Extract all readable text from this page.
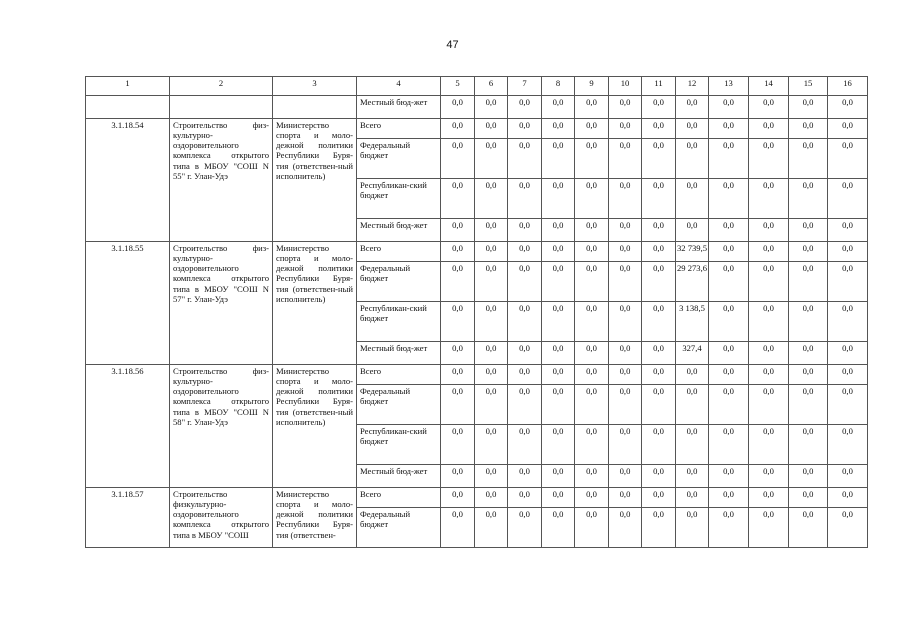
47
1	2	3	4	5	6	7	8	9	10	11	12	13	14	15	16
			Местный бюд-жет	0,0	0,0	0,0	0,0	0,0	0,0	0,0	0,0	0,0	0,0	0,0	0,0
3.1.18.54	Строительство физ-культурно-оздоровительного комплекса открытого типа в МБОУ "СОШ N 55" г. Улан-Удэ	Министерство спорта и моло-дежной политики Республики Буря-тия (ответствен-ный исполнитель)	Всего	0,0	0,0	0,0	0,0	0,0	0,0	0,0	0,0	0,0	0,0	0,0	0,0
			Федеральный бюджет	0,0	0,0	0,0	0,0	0,0	0,0	0,0	0,0	0,0	0,0	0,0	0,0
			Республикан-ский бюджет	0,0	0,0	0,0	0,0	0,0	0,0	0,0	0,0	0,0	0,0	0,0	0,0
			Местный бюд-жет	0,0	0,0	0,0	0,0	0,0	0,0	0,0	0,0	0,0	0,0	0,0	0,0
3.1.18.55	Строительство физ-культурно-оздоровительного комплекса открытого типа в МБОУ "СОШ N 57" г. Улан-Удэ	Министерство спорта и моло-дежной политики Республики Буря-тия (ответствен-ный исполнитель)	Всего	0,0	0,0	0,0	0,0	0,0	0,0	0,0	32 739,5	0,0	0,0	0,0	0,0
			Федеральный бюджет	0,0	0,0	0,0	0,0	0,0	0,0	0,0	29 273,6	0,0	0,0	0,0	0,0
			Республикан-ский бюджет	0,0	0,0	0,0	0,0	0,0	0,0	0,0	3 138,5	0,0	0,0	0,0	0,0
			Местный бюд-жет	0,0	0,0	0,0	0,0	0,0	0,0	0,0	327,4	0,0	0,0	0,0	0,0
3.1.18.56	Строительство физ-культурно-оздоровительного комплекса открытого типа в МБОУ "СОШ N 58" г. Улан-Удэ	Министерство спорта и моло-дежной политики Республики Буря-тия (ответствен-ный исполнитель)	Всего	0,0	0,0	0,0	0,0	0,0	0,0	0,0	0,0	0,0	0,0	0,0	0,0
			Федеральный бюджет	0,0	0,0	0,0	0,0	0,0	0,0	0,0	0,0	0,0	0,0	0,0	0,0
			Республикан-ский бюджет	0,0	0,0	0,0	0,0	0,0	0,0	0,0	0,0	0,0	0,0	0,0	0,0
			Местный бюд-жет	0,0	0,0	0,0	0,0	0,0	0,0	0,0	0,0	0,0	0,0	0,0	0,0
3.1.18.57	Строительство физкультурно-оздоровительного комплекса открытого типа в МБОУ "СОШ	Министерство спорта и моло-дежной политики Республики Буря-тия (ответствен-	Всего	0,0	0,0	0,0	0,0	0,0	0,0	0,0	0,0	0,0	0,0	0,0	0,0
			Федеральный бюджет	0,0	0,0	0,0	0,0	0,0	0,0	0,0	0,0	0,0	0,0	0,0	0,0
